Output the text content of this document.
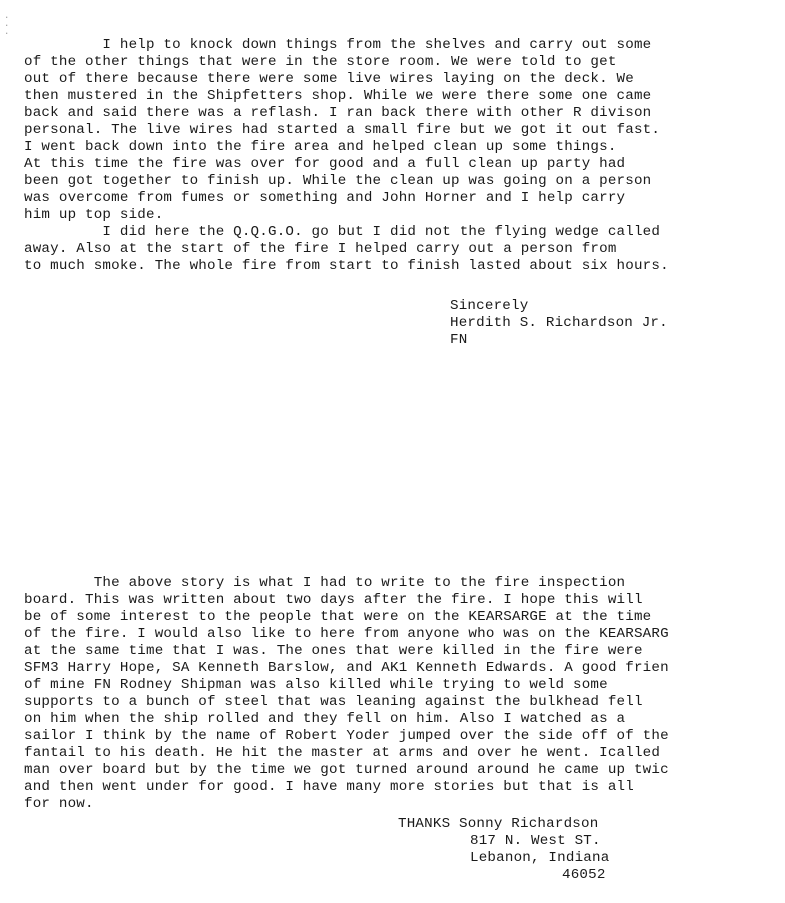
·
·
·
I help to knock down things from the shelves and carry out some
of the other things that were in the store room. We were told to get
out of there because there were some live wires laying on the deck. We
then mustered in the Shipfetters shop. While we were there some one came
back and said there was a reflash. I ran back there with other R divison
personal. The live wires had started a small fire but we got it out fast.
I went back down into the fire area and helped clean up some things.
At this time the fire was over for good and a full clean up party had
been got together to finish up. While the clean up was going on a person
was overcome from fumes or something and John Horner and I help carry
him up top side.
I did here the Q.Q.G.O. go but I did not the flying wedge called
away. Also at the start of the fire I helped carry out a person from
to much smoke. The whole fire from start to finish lasted about six hours.
Sincerely
Herdith S. Richardson Jr.
FN
The above story is what I had to write to the fire inspection
board. This was written about two days after the fire. I hope this will
be of some interest to the people that were on the KEARSARGE at the time
of the fire. I would also like to here from anyone who was on the KEARSARG
at the same time that I was. The ones that were killed in the fire were
SFM3 Harry Hope, SA Kenneth Barslow, and AK1 Kenneth Edwards. A good frien
of mine FN Rodney Shipman was also killed while trying to weld some
supports to a bunch of steel that was leaning against the bulkhead fell
on him when the ship rolled and they fell on him. Also I watched as a
sailor I think by the name of Robert Yoder jumped over the side off of the
fantail to his death. He hit the master at arms and over he went. Icalled
man over board but by the time we got turned around around he came up twic
and then went under for good. I have many more stories but that is all
for now.
THANKS Sonny Richardson
817 N. West ST.
Lebanon, Indiana
46052
